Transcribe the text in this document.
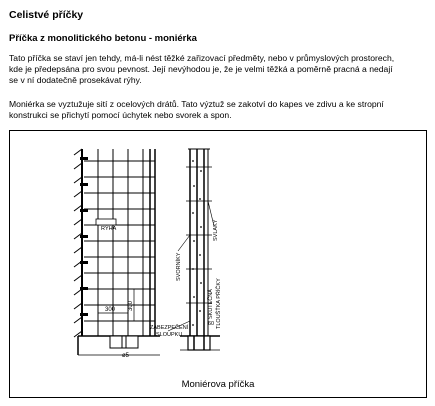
Celistvé příčky
Příčka z monolitického betonu - moniérka
Tato příčka se staví jen tehdy, má-li nést těžké zařizovací předměty, nebo v průmyslových prostorech,
kde je předepsána pro svou pevnost. Její nevýhodou je, že je velmi těžká a poměrně pracná a nedají
se v ní dodatečně prosekávat rýhy.
Moniérka se vyztužuje sití z ocelových drátů. Tato výztuž se zakotví do kapes ve zdivu a ke stropní
konstrukci se přichytí pomocí úchytek nebo svorek a spon.
RÝHA
300 300
ø5
ZABEZPEČENÍ
SLOUPKU
SVORNÍKY
SVLAKY
SKUTEČNÁ TLOUŠŤKA PŘÍČKY
60
Moniérova příčka
